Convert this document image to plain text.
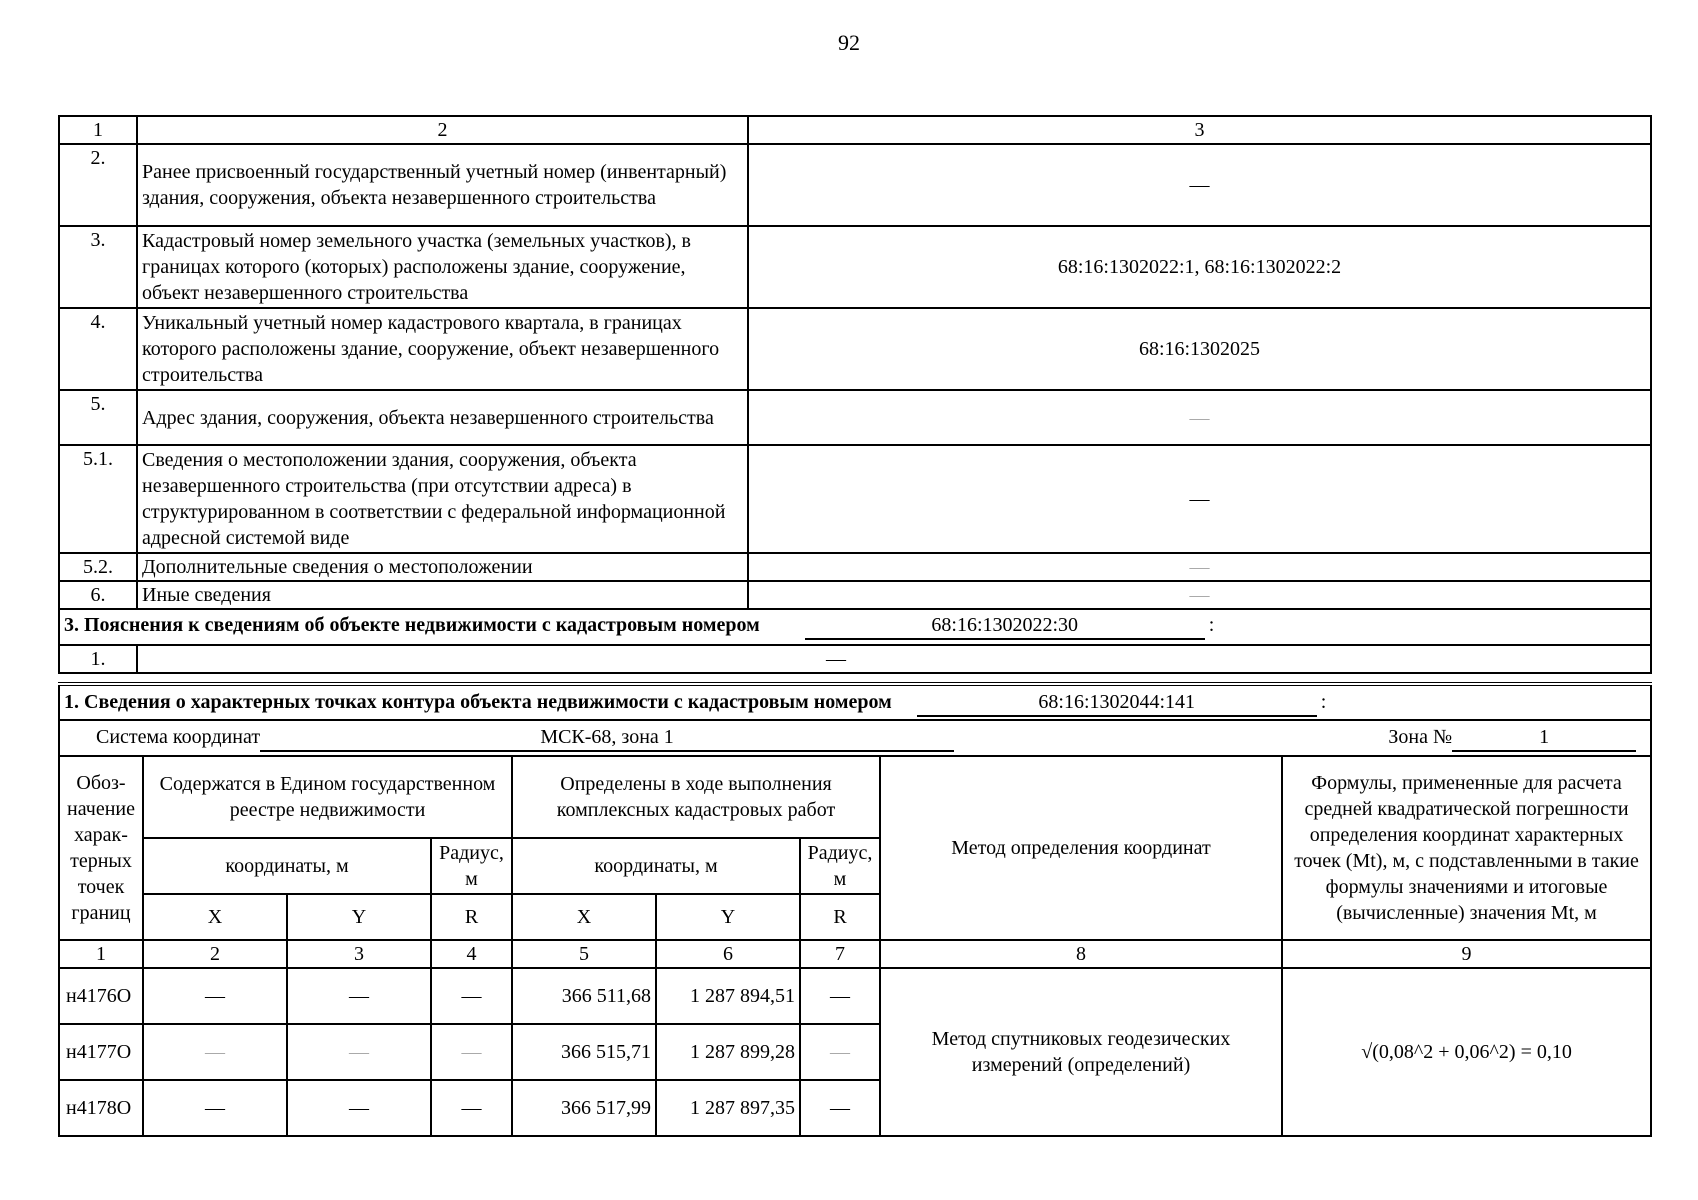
92
1	2	3
2.	Ранее присвоенный государственный учетный номер (инвентарный) здания, сооружения, объекта незавершенного строительства	—
3.	Кадастровый номер земельного участка (земельных участков), в границах которого (которых) расположены здание, сооружение, объект незавершенного строительства	68:16:1302022:1, 68:16:1302022:2
4.	Уникальный учетный номер кадастрового квартала, в границах которого расположены здание, сооружение, объект незавершенного строительства	68:16:1302025
5.	Адрес здания, сооружения, объекта незавершенного строительства	—
5.1.	Сведения о местоположении здания, сооружения, объекта незавершенного строительства (при отсутствии адреса) в структурированном в соответствии с федеральной информационной адресной системой виде	—
5.2.	Дополнительные сведения о местоположении	—
6.	Иные сведения	—
3. Пояснения к сведениям об объекте недвижимости с кадастровым номером 68:16:1302022:30 :		
1.	—	
1. Сведения о характерных точках контура объекта недвижимости с кадастровым номером 68:16:1302044:141 :								
Система координат МСК-68, зона 1 Зона № 1								

Обоз-начение харак-терных точек границ	Содержатся в Едином государственном реестре недвижимости			Определены в ходе выполнения комплексных кадастровых работ			Метод определения координат	Формулы, примененные для расчета средней квадратической погрешности определения координат характерных точек (Mt), м, с подставленными в такие формулы значениями и итоговые (вычисленные) значения Mt, м
	координаты, м		Радиус, м	координаты, м		Радиус, м		
	X	Y	R	X	Y	R		
1	2	3	4	5	6	7	8	9
н4176О	—	—	—	366 511,68	1 287 894,51	—	Метод спутниковых геодезических измерений (определений)	√(0,08^2 + 0,06^2) = 0,10
н4177О	—	—	—	366 515,71	1 287 899,28	—		
н4178О	—	—	—	366 517,99	1 287 897,35	—		
